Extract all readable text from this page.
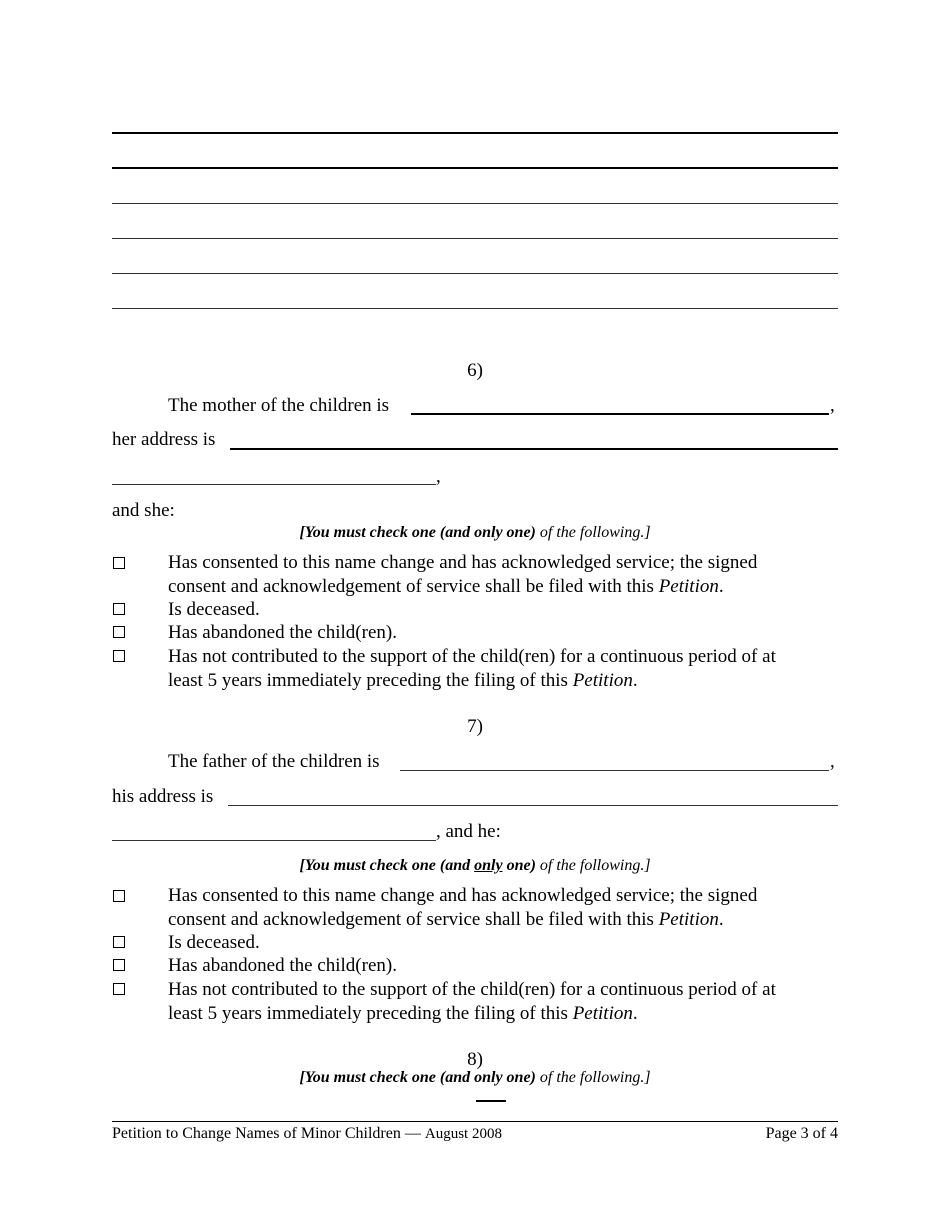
6)
The mother of the children is	,
her address is
,
and she:
[You must check one (and only one) of the following.]
Has consented to this name change and has acknowledged service; the signed
consent and acknowledgement of service shall be filed with this Petition.
Is deceased.
Has abandoned the child(ren).
Has not contributed to the support of the child(ren) for a continuous period of at
least 5 years immediately preceding the filing of this Petition.
7)
The father of the children is	,
his address is
, and he:
[You must check one (and only one) of the following.]
Has consented to this name change and has acknowledged service; the signed
consent and acknowledgement of service shall be filed with this Petition.
Is deceased.
Has abandoned the child(ren).
Has not contributed to the support of the child(ren) for a continuous period of at
least 5 years immediately preceding the filing of this Petition.
8)
[You must check one (and only one) of the following.]
Petition to Change Names of Minor Children — August 2008	Page 3 of 4
